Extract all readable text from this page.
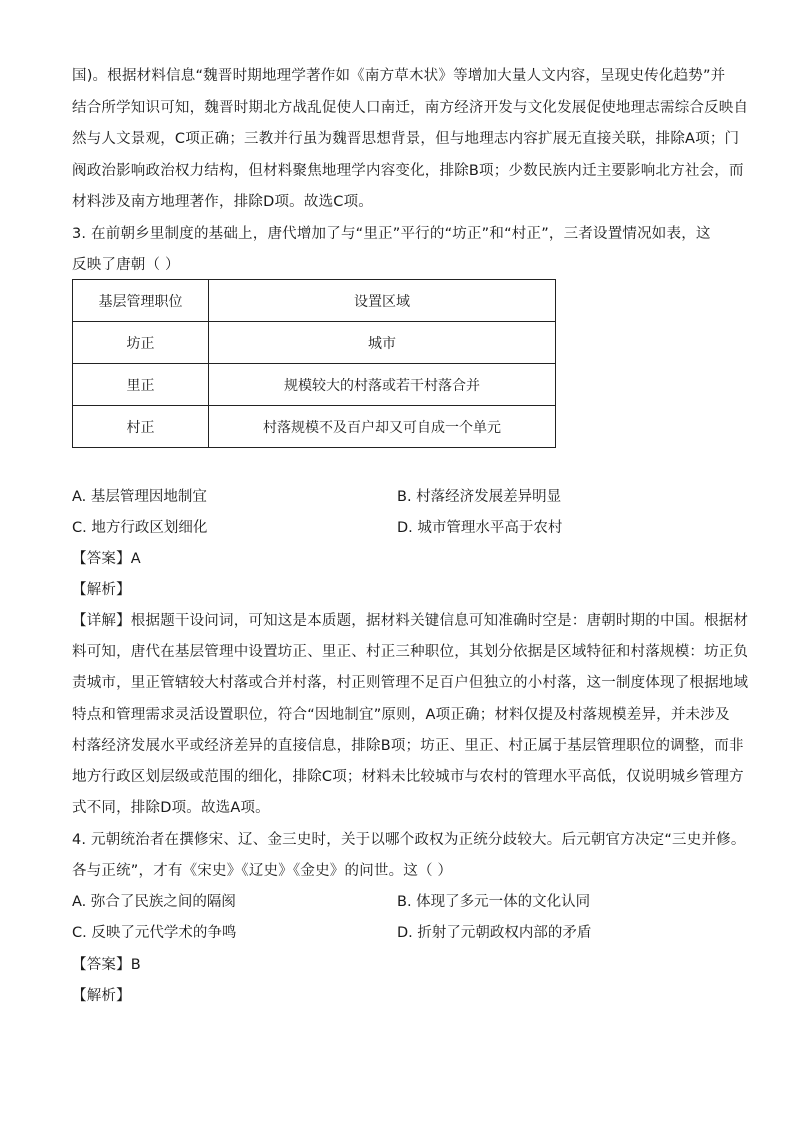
国)。根据材料信息“魏晋时期地理学著作如《南方草木状》等增加大量人文内容，呈现史传化趋势”并
结合所学知识可知，魏晋时期北方战乱促使人口南迁，南方经济开发与文化发展促使地理志需综合反映自
然与人文景观，C项正确；三教并行虽为魏晋思想背景，但与地理志内容扩展无直接关联，排除A项；门
阀政治影响政治权力结构，但材料聚焦地理学内容变化，排除B项；少数民族内迁主要影响北方社会，而
材料涉及南方地理著作，排除D项。故选C项。
3. 在前朝乡里制度的基础上，唐代增加了与“里正”平行的“坊正”和“村正”，三者设置情况如表，这
反映了唐朝（ ）
基层管理职位	设置区域
坊正	城市
里正	规模较大的村落或若干村落合并
村正	村落规模不及百户却又可自成一个单元
A. 基层管理因地制宜	B. 村落经济发展差异明显
C. 地方行政区划细化	D. 城市管理水平高于农村
【答案】A
【解析】
【详解】根据题干设问词，可知这是本质题，据材料关键信息可知准确时空是：唐朝时期的中国。根据材
料可知，唐代在基层管理中设置坊正、里正、村正三种职位，其划分依据是区域特征和村落规模：坊正负
责城市，里正管辖较大村落或合并村落，村正则管理不足百户但独立的小村落，这一制度体现了根据地域
特点和管理需求灵活设置职位，符合“因地制宜”原则，A项正确；材料仅提及村落规模差异，并未涉及
村落经济发展水平或经济差异的直接信息，排除B项；坊正、里正、村正属于基层管理职位的调整，而非
地方行政区划层级或范围的细化，排除C项；材料未比较城市与农村的管理水平高低，仅说明城乡管理方
式不同，排除D项。故选A项。
4. 元朝统治者在撰修宋、辽、金三史时，关于以哪个政权为正统分歧较大。后元朝官方决定“三史并修。
各与正统”，才有《宋史》《辽史》《金史》的问世。这（ ）
A. 弥合了民族之间的隔阂	B. 体现了多元一体的文化认同
C. 反映了元代学术的争鸣	D. 折射了元朝政权内部的矛盾
【答案】B
【解析】
